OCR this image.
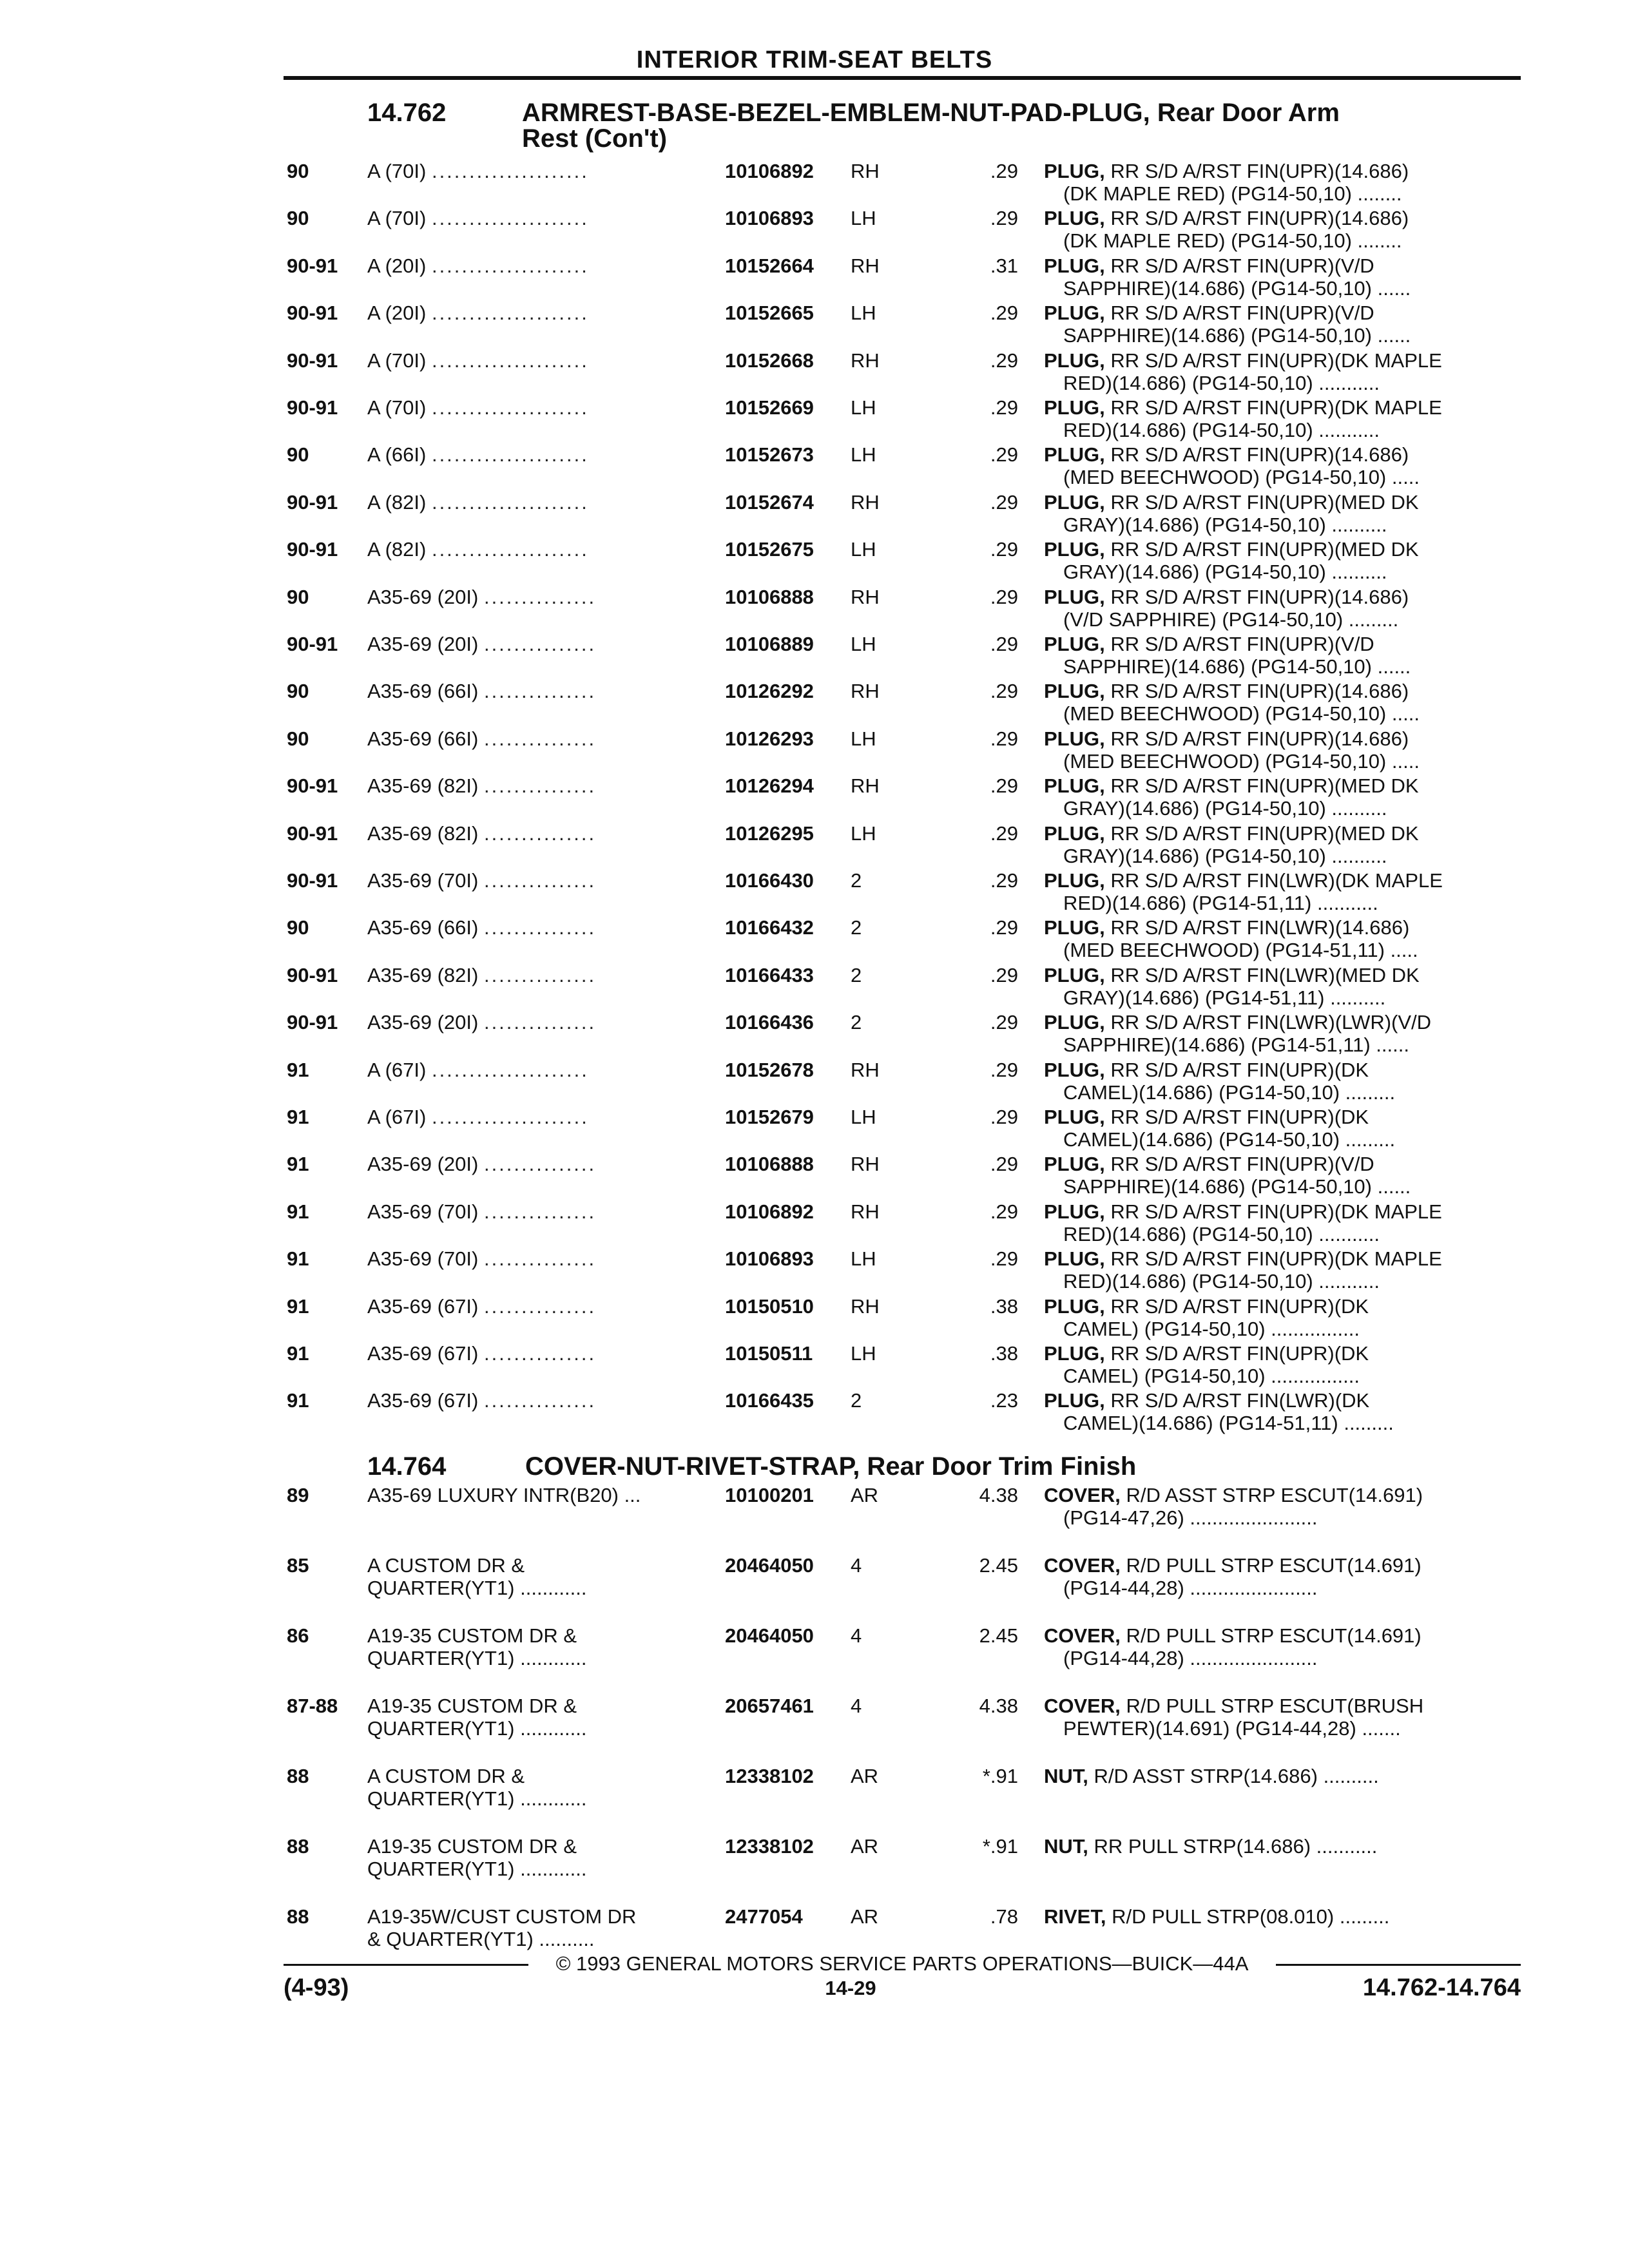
INTERIOR TRIM-SEAT BELTS
14.762	ARMREST-BASE-BEZEL-EMBLEM-NUT-PAD-PLUG, Rear Door Arm
Rest (Con't)
90	A (70I) .....................	10106892 RH	.29 PLUG, RR S/D A/RST FIN(UPR)(14.686)
(DK MAPLE RED) (PG14-50,10) ........
90	A (70I) .....................	10106893 LH	.29 PLUG, RR S/D A/RST FIN(UPR)(14.686)
(DK MAPLE RED) (PG14-50,10) ........
90-91 A (20I) .....................	10152664 RH	.31 PLUG, RR S/D A/RST FIN(UPR)(V/D
SAPPHIRE)(14.686) (PG14-50,10) ......
90-91 A (20I) .....................	10152665 LH	.29 PLUG, RR S/D A/RST FIN(UPR)(V/D
SAPPHIRE)(14.686) (PG14-50,10) ......
90-91 A (70I) .....................	10152668 RH	.29 PLUG, RR S/D A/RST FIN(UPR)(DK MAPLE
RED)(14.686) (PG14-50,10) ...........
90-91 A (70I) .....................	10152669 LH	.29 PLUG, RR S/D A/RST FIN(UPR)(DK MAPLE
RED)(14.686) (PG14-50,10) ...........
90	A (66I) .....................	10152673 LH	.29 PLUG, RR S/D A/RST FIN(UPR)(14.686)
(MED BEECHWOOD) (PG14-50,10) .....
90-91 A (82I) .....................	10152674 RH	.29 PLUG, RR S/D A/RST FIN(UPR)(MED DK
GRAY)(14.686) (PG14-50,10) ..........
90-91 A (82I) .....................	10152675 LH	.29 PLUG, RR S/D A/RST FIN(UPR)(MED DK
GRAY)(14.686) (PG14-50,10) ..........
90	A35-69 (20I) ...............	10106888 RH	.29 PLUG, RR S/D A/RST FIN(UPR)(14.686)
(V/D SAPPHIRE) (PG14-50,10) .........
90-91 A35-69 (20I) ...............	10106889 LH	.29 PLUG, RR S/D A/RST FIN(UPR)(V/D
SAPPHIRE)(14.686) (PG14-50,10) ......
90	A35-69 (66I) ...............	10126292 RH	.29 PLUG, RR S/D A/RST FIN(UPR)(14.686)
(MED BEECHWOOD) (PG14-50,10) .....
90	A35-69 (66I) ...............	10126293 LH	.29 PLUG, RR S/D A/RST FIN(UPR)(14.686)
(MED BEECHWOOD) (PG14-50,10) .....
90-91 A35-69 (82I) ...............	10126294 RH	.29 PLUG, RR S/D A/RST FIN(UPR)(MED DK
GRAY)(14.686) (PG14-50,10) ..........
90-91 A35-69 (82I) ...............	10126295 LH	.29 PLUG, RR S/D A/RST FIN(UPR)(MED DK
GRAY)(14.686) (PG14-50,10) ..........
90-91 A35-69 (70I) ...............	10166430 2	.29 PLUG, RR S/D A/RST FIN(LWR)(DK MAPLE
RED)(14.686) (PG14-51,11) ...........
90	A35-69 (66I) ...............	10166432 2	.29 PLUG, RR S/D A/RST FIN(LWR)(14.686)
(MED BEECHWOOD) (PG14-51,11) .....
90-91 A35-69 (82I) ...............	10166433 2	.29 PLUG, RR S/D A/RST FIN(LWR)(MED DK
GRAY)(14.686) (PG14-51,11) ..........
90-91 A35-69 (20I) ...............	10166436 2	.29 PLUG, RR S/D A/RST FIN(LWR)(LWR)(V/D
SAPPHIRE)(14.686) (PG14-51,11) ......
91	A (67I) .....................	10152678 RH	.29 PLUG, RR S/D A/RST FIN(UPR)(DK
CAMEL)(14.686) (PG14-50,10) .........
91	A (67I) .....................	10152679 LH	.29 PLUG, RR S/D A/RST FIN(UPR)(DK
CAMEL)(14.686) (PG14-50,10) .........
91	A35-69 (20I) ...............	10106888 RH	.29 PLUG, RR S/D A/RST FIN(UPR)(V/D
SAPPHIRE)(14.686) (PG14-50,10) ......
91	A35-69 (70I) ...............	10106892 RH	.29 PLUG, RR S/D A/RST FIN(UPR)(DK MAPLE
RED)(14.686) (PG14-50,10) ...........
91	A35-69 (70I) ...............	10106893 LH	.29 PLUG, RR S/D A/RST FIN(UPR)(DK MAPLE
RED)(14.686) (PG14-50,10) ...........
91	A35-69 (67I) ...............	10150510 RH	.38 PLUG, RR S/D A/RST FIN(UPR)(DK
CAMEL) (PG14-50,10) ................
91	A35-69 (67I) ...............	10150511 LH	.38 PLUG, RR S/D A/RST FIN(UPR)(DK
CAMEL) (PG14-50,10) ................
91	A35-69 (67I) ...............	10166435 2	.23 PLUG, RR S/D A/RST FIN(LWR)(DK
CAMEL)(14.686) (PG14-51,11) .........
14.764	COVER-NUT-RIVET-STRAP, Rear Door Trim Finish
89	A35-69 LUXURY INTR(B20) ...	10100201 AR	4.38 COVER, R/D ASST STRP ESCUT(14.691)
(PG14-47,26) .......................
85	A CUSTOM DR &
QUARTER(YT1) ............
20464050 4	2.45 COVER, R/D PULL STRP ESCUT(14.691)
(PG14-44,28) .......................
86	A19-35 CUSTOM DR &
QUARTER(YT1) ............
20464050 4	2.45 COVER, R/D PULL STRP ESCUT(14.691)
(PG14-44,28) .......................
87-88 A19-35 CUSTOM DR &
QUARTER(YT1) ............
20657461 4	4.38 COVER, R/D PULL STRP ESCUT(BRUSH
PEWTER)(14.691) (PG14-44,28) .......
88	A CUSTOM DR &
QUARTER(YT1) ............
12338102 AR	*.91 NUT, R/D ASST STRP(14.686) ..........
88	A19-35 CUSTOM DR &
QUARTER(YT1) ............
12338102 AR	*.91 NUT, RR PULL STRP(14.686) ...........
88	A19-35W/CUST CUSTOM DR
& QUARTER(YT1) ..........
2477054 AR	.78 RIVET, R/D PULL STRP(08.010) .........
© 1993 GENERAL MOTORS SERVICE PARTS OPERATIONS—BUICK—44A
(4-93)	14-29	14.762-14.764
